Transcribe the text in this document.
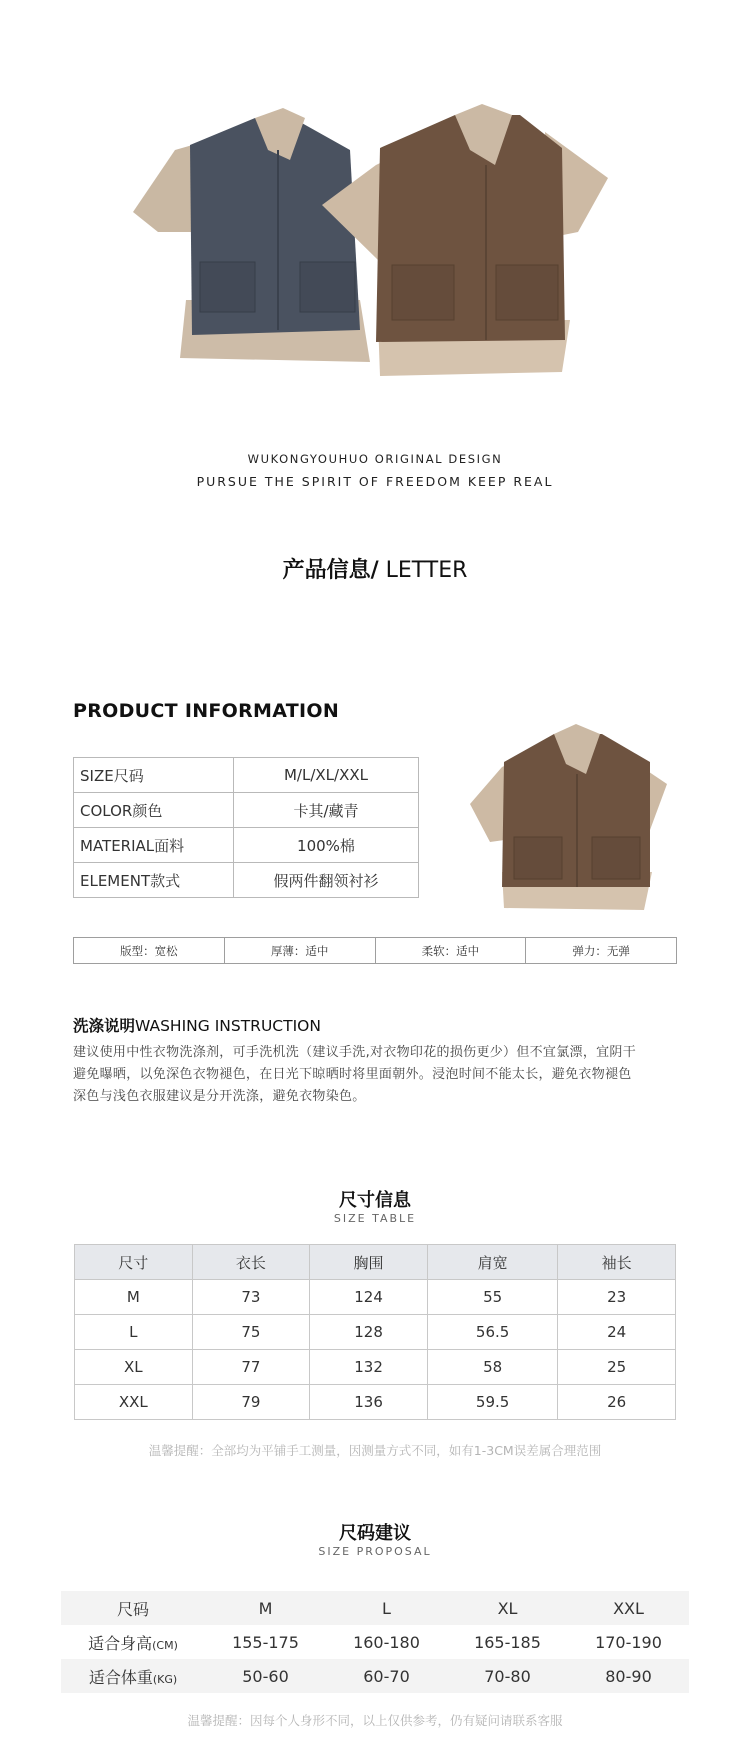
WUKONGYOUHUO ORIGINAL DESIGN
PURSUE THE SPIRIT OF FREEDOM KEEP REAL
产品信息/ LETTER
PRODUCT INFORMATION
SIZE尺码	M/L/XL/XXL
COLOR颜色	卡其/藏青
MATERIAL面料	100%棉
ELEMENT款式	假两件翻领衬衫
版型：宽松	厚薄：适中	柔软：适中	弹力：无弹
洗涤说明WASHING INSTRUCTION
建议使用中性衣物洗涤剂，可手洗机洗（建议手洗,对衣物印花的损伤更少）但不宜氯漂，宜阴干
避免曝晒，以免深色衣物褪色，在日光下晾晒时将里面朝外。浸泡时间不能太长，避免衣物褪色
深色与浅色衣服建议是分开洗涤，避免衣物染色。
尺寸信息
SIZE TABLE
尺寸	衣长	胸围	肩宽	袖长
M	73	124	55	23
L	75	128	56.5	24
XL	77	132	58	25
XXL	79	136	59.5	26
温馨提醒：全部均为平铺手工测量，因测量方式不同，如有1-3CM误差属合理范围
尺码建议
SIZE PROPOSAL
尺码	M	L	XL	XXL
适合身高(CM)	155-175	160-180	165-185	170-190
适合体重(KG)	50-60	60-70	70-80	80-90
温馨提醒：因每个人身形不同，以上仅供参考，仍有疑问请联系客服
